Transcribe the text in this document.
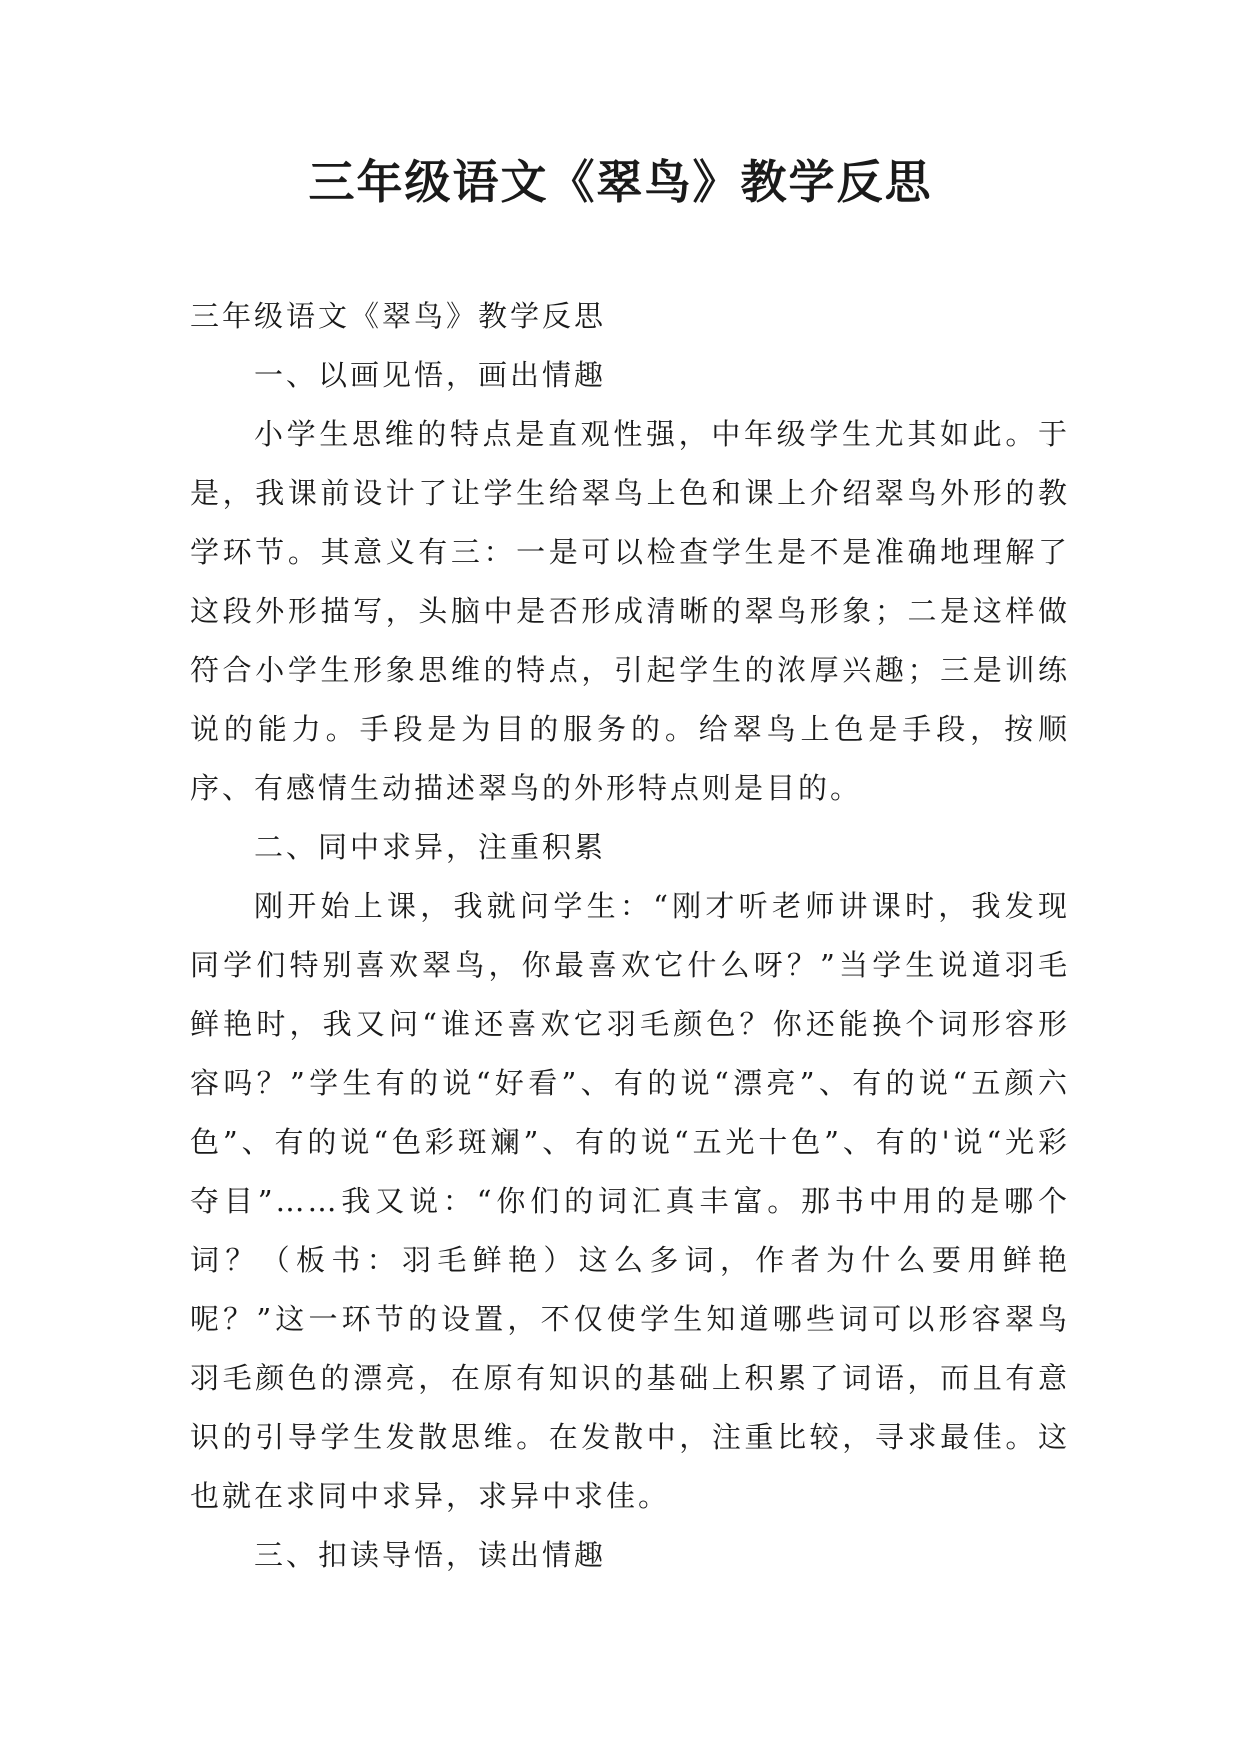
三年级语文《翠鸟》教学反思

三年级语文《翠鸟》教学反思

一、以画见悟，画出情趣

小学生思维的特点是直观性强，中年级学生尤其如此。于是，我课前设计了让学生给翠鸟上色和课上介绍翠鸟外形的教学环节。其意义有三：一是可以检查学生是不是准确地理解了这段外形描写，头脑中是否形成清晰的翠鸟形象；二是这样做符合小学生形象思维的特点，引起学生的浓厚兴趣；三是训练说的能力。手段是为目的服务的。给翠鸟上色是手段，按顺序、有感情生动描述翠鸟的外形特点则是目的。

二、同中求异，注重积累

刚开始上课，我就问学生：“刚才听老师讲课时，我发现同学们特别喜欢翠鸟，你最喜欢它什么呀？”当学生说道羽毛鲜艳时，我又问“谁还喜欢它羽毛颜色？你还能换个词形容形容吗？”学生有的说“好看”、有的说“漂亮”、有的说“五颜六色”、有的说“色彩斑斓”、有的说“五光十色”、有的'说“光彩夺目”……我又说：“你们的词汇真丰富。那书中用的是哪个词？（板书：羽毛鲜艳）这么多词，作者为什么要用鲜艳呢？”这一环节的设置，不仅使学生知道哪些词可以形容翠鸟羽毛颜色的漂亮，在原有知识的基础上积累了词语，而且有意识的引导学生发散思维。在发散中，注重比较，寻求最佳。这也就在求同中求异，求异中求佳。

三、扣读导悟，读出情趣
